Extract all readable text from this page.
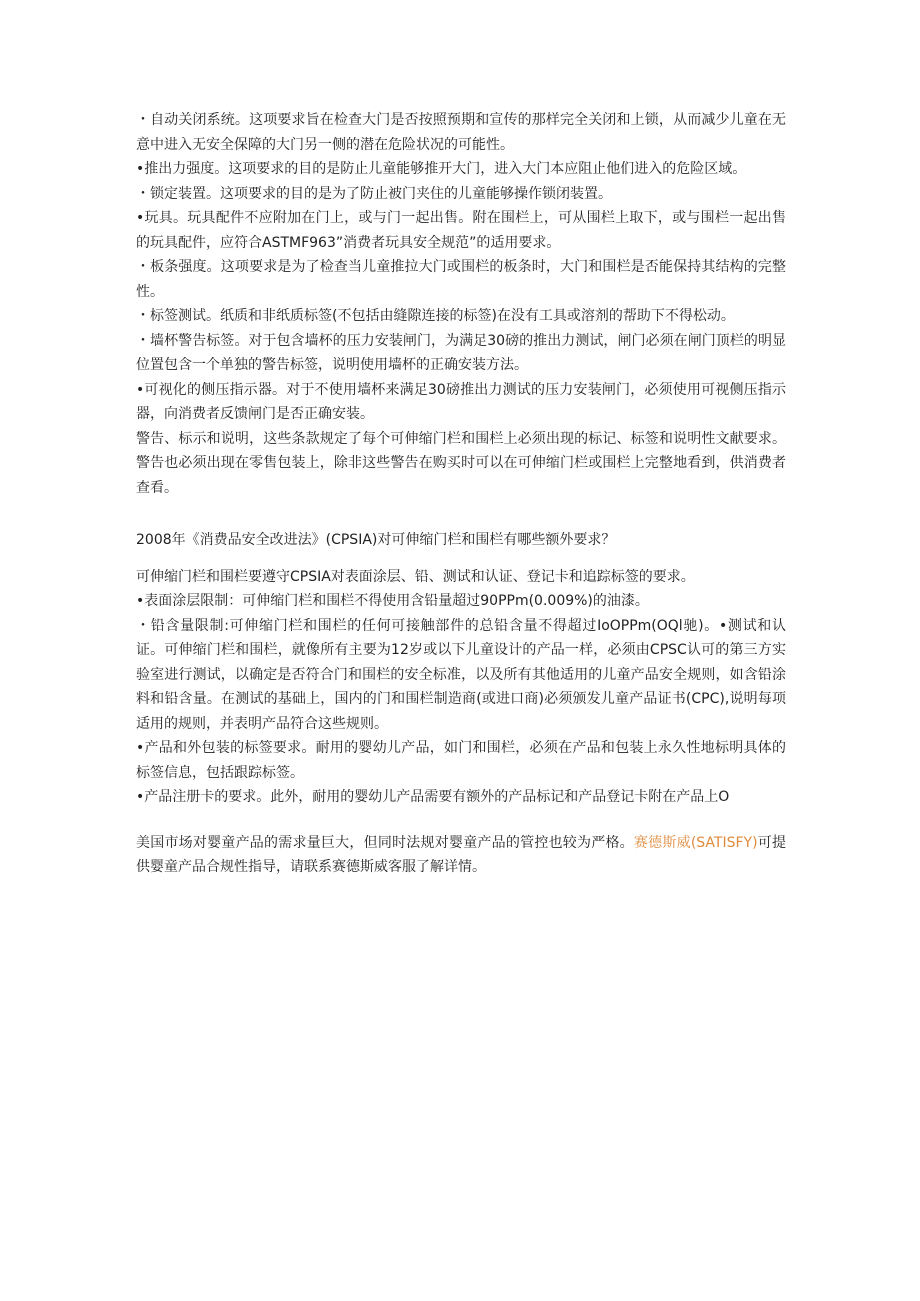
・自动关闭系统。这项要求旨在检查大门是否按照预期和宣传的那样完全关闭和上锁，从而减少儿童在无意中进入无安全保障的大门另一侧的潜在危险状况的可能性。

•推出力强度。这项要求的目的是防止儿童能够推开大门，进入大门本应阻止他们进入的危险区域。

・锁定装置。这项要求的目的是为了防止被门夹住的儿童能够操作锁闭装置。

•玩具。玩具配件不应附加在门上，或与门一起出售。附在围栏上，可从围栏上取下，或与围栏一起出售的玩具配件，应符合ASTMF963”消费者玩具安全规范”的适用要求。

・板条强度。这项要求是为了检查当儿童推拉大门或围栏的板条时，大门和围栏是否能保持其结构的完整性。

・标签测试。纸质和非纸质标签(不包括由缝隙连接的标签)在没有工具或溶剂的帮助下不得松动。

・墙杯警告标签。对于包含墙杯的压力安装闸门，为满足30磅的推出力测试，闸门必须在闸门顶栏的明显位置包含一个单独的警告标签，说明使用墙杯的正确安装方法。

•可视化的侧压指示器。对于不使用墙杯来满足30磅推出力测试的压力安装闸门，必须使用可视侧压指示器，向消费者反馈闸门是否正确安装。

警告、标示和说明，这些条款规定了每个可伸缩门栏和围栏上必须出现的标记、标签和说明性文献要求。警告也必须出现在零售包装上，除非这些警告在购买时可以在可伸缩门栏或围栏上完整地看到，供消费者查看。

2008年《消费品安全改进法》(CPSIA)对可伸缩门栏和围栏有哪些额外要求？

可伸缩门栏和围栏要遵守CPSIA对表面涂层、铅、测试和认证、登记卡和追踪标签的要求。

•表面涂层限制：可伸缩门栏和围栏不得使用含铅量超过90PPm(0.009%)的油漆。

・铅含量限制:可伸缩门栏和围栏的任何可接触部件的总铅含量不得超过IoOPPm(OQl驰)。•测试和认证。可伸缩门栏和围栏，就像所有主要为12岁或以下儿童设计的产品一样，必须由CPSC认可的第三方实验室进行测试，以确定是否符合门和围栏的安全标准，以及所有其他适用的儿童产品安全规则，如含铅涂料和铅含量。在测试的基础上，国内的门和围栏制造商(或进口商)必须颁发儿童产品证书(CPC),说明每项适用的规则，并表明产品符合这些规则。

•产品和外包装的标签要求。耐用的婴幼儿产品，如门和围栏，必须在产品和包装上永久性地标明具体的标签信息，包括跟踪标签。

•产品注册卡的要求。此外，耐用的婴幼儿产品需要有额外的产品标记和产品登记卡附在产品上O

美国市场对婴童产品的需求量巨大，但同时法规对婴童产品的管控也较为严格。赛德斯威(SATISFY)可提供婴童产品合规性指导，请联系赛德斯威客服了解详情。
